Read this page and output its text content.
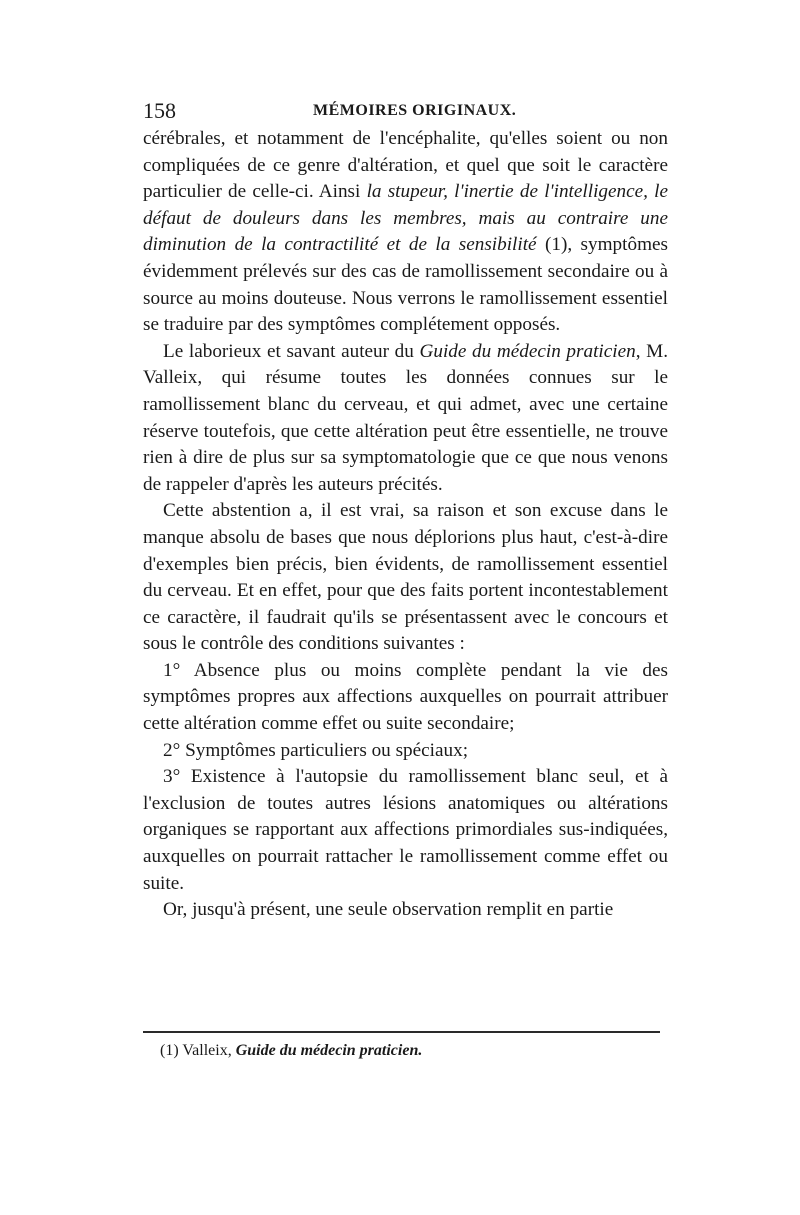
158	MÉMOIRES ORIGINAUX.

cérébrales, et notamment de l'encéphalite, qu'elles soient ou non compliquées de ce genre d'altération, et quel que soit le caractère particulier de celle-ci. Ainsi la stupeur, l'inertie de l'intelligence, le défaut de douleurs dans les membres, mais au contraire une diminution de la contractilité et de la sensibilité (1), symptômes évidemment prélevés sur des cas de ramollissement secondaire ou à source au moins douteuse. Nous verrons le ramollissement essentiel se traduire par des symptômes complétement opposés.

Le laborieux et savant auteur du Guide du médecin praticien, M. Valleix, qui résume toutes les données connues sur le ramollissement blanc du cerveau, et qui admet, avec une certaine réserve toutefois, que cette altération peut être essentielle, ne trouve rien à dire de plus sur sa symptomatologie que ce que nous venons de rappeler d'après les auteurs précités.

Cette abstention a, il est vrai, sa raison et son excuse dans le manque absolu de bases que nous déplorions plus haut, c'est-à-dire d'exemples bien précis, bien évidents, de ramollissement essentiel du cerveau. Et en effet, pour que des faits portent incontestablement ce caractère, il faudrait qu'ils se présentassent avec le concours et sous le contrôle des conditions suivantes :

1° Absence plus ou moins complète pendant la vie des symptômes propres aux affections auxquelles on pourrait attribuer cette altération comme effet ou suite secondaire;

2° Symptômes particuliers ou spéciaux;

3° Existence à l'autopsie du ramollissement blanc seul, et à l'exclusion de toutes autres lésions anatomiques ou altérations organiques se rapportant aux affections primordiales sus-indiquées, auxquelles on pourrait rattacher le ramollissement comme effet ou suite.

Or, jusqu'à présent, une seule observation remplit en partie

(1) Valleix, Guide du médecin praticien.
